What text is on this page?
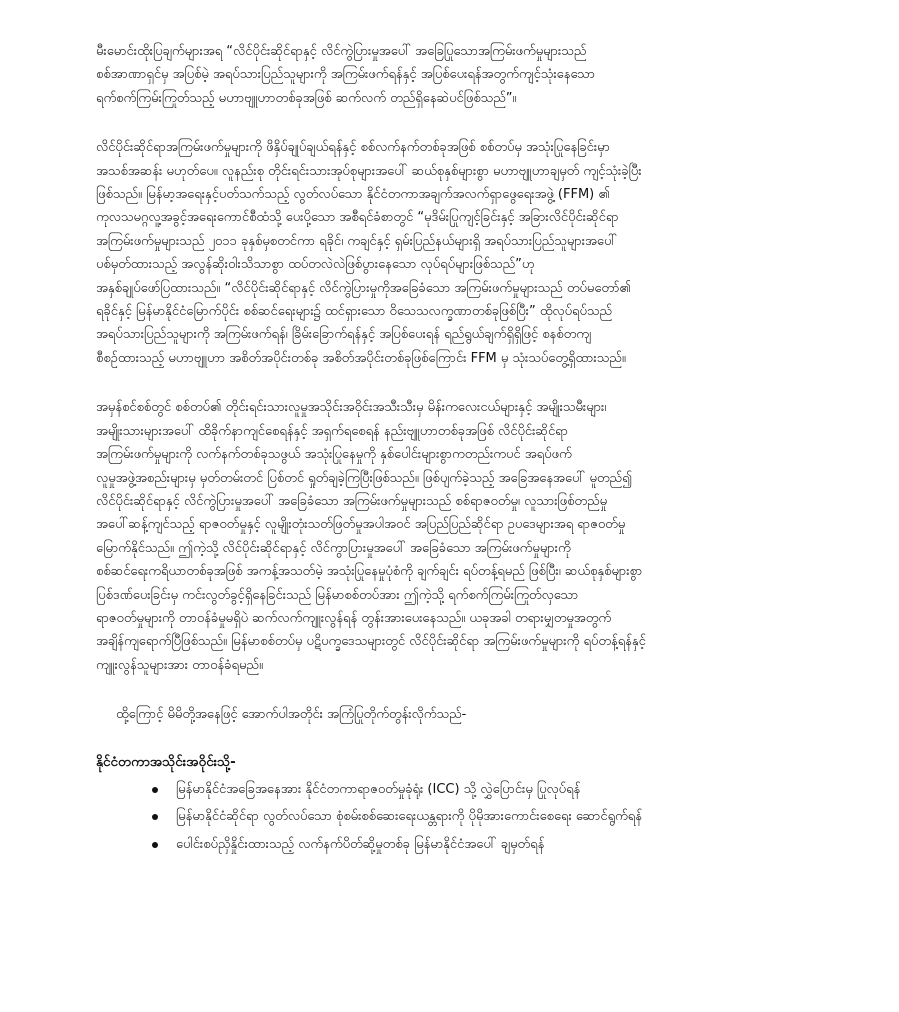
မီးမောင်းထိုးပြချက်များအရ “လိင်ပိုင်းဆိုင်ရာနှင့် လိင်ကွဲပြားမှုအပေါ် အခြေပြုသောအကြမ်းဖက်မှုများသည်
စစ်အာဏာရှင်မှ အပြစ်မဲ့ အရပ်သားပြည်သူများကို အကြမ်းဖက်ရန်နှင့် အပြစ်ပေးရန်အတွက်ကျင့်သုံးနေသော
ရက်စက်ကြမ်းကြုတ်သည့် မဟာဗျူဟာတစ်ခုအဖြစ် ဆက်လက် တည်ရှိနေဆဲပင်ဖြစ်သည်”။

လိင်ပိုင်းဆိုင်ရာအကြမ်းဖက်မှုများကို ဖိနှိပ်ချုပ်ချယ်ရန်နှင့် စစ်လက်နက်တစ်ခုအဖြစ် စစ်တပ်မှ အသုံးပြုနေခြင်းမှာ
အသစ်အဆန်း မဟုတ်ပေ။ လူနည်းစု တိုင်းရင်းသားအုပ်စုများအပေါ် ဆယ်စုနှစ်များစွာ မဟာဗျူဟာချမှတ် ကျင့်သုံးခဲ့ပြီး
ဖြစ်သည်။ မြန်မာ့အရေးနှင့်ပတ်သက်သည့် လွတ်လပ်သော နိုင်ငံတကာအချက်အလက်ရှာဖွေရေးအဖွဲ့ (FFM) ၏
ကုလသမဂ္ဂလူ့အခွင့်အရေးကောင်စီထံသို့ ပေးပို့သော အစီရင်ခံစာတွင် “မုဒိမ်းပြုကျင့်ခြင်းနှင့် အခြားလိင်ပိုင်းဆိုင်ရာ
အကြမ်းဖက်မှုများသည် ၂၀၁၁ ခုနှစ်မှစတင်ကာ ရခိုင်၊ ကချင်နှင့် ရှမ်းပြည်နယ်များရှိ အရပ်သားပြည်သူများအပေါ်
ပစ်မှတ်ထားသည့် အလွန်ဆိုးဝါးသိသာစွာ ထပ်တလဲလဲဖြစ်ပွားနေသော လုပ်ရပ်များဖြစ်သည်”ဟု
အနှစ်ချုပ်ဖော်ပြထားသည်။ “လိင်ပိုင်းဆိုင်ရာနှင့် လိင်ကွဲပြားမှုကိုအခြေခံသော အကြမ်းဖက်မှုများသည် တပ်မတော်၏
ရခိုင်နှင့် မြန်မာနိုင်ငံမြောက်ပိုင်း စစ်ဆင်ရေးများ၌ ထင်ရှားသော ဝိသေသလက္ခဏာတစ်ခုဖြစ်ပြီး” ထိုလုပ်ရပ်သည်
အရပ်သားပြည်သူများကို အကြမ်းဖက်ရန်၊ ခြိမ်းခြောက်ရန်နှင့် အပြစ်ပေးရန် ရည်ရွယ်ချက်ရှိရှိဖြင့် စနစ်တကျ
စီစဉ်ထားသည့် မဟာဗျူဟာ အစိတ်အပိုင်းတစ်ခု အစိတ်အပိုင်းတစ်ခုဖြစ်ကြောင်း FFM မှ သုံးသပ်တွေ့ရှိထားသည်။

အမှန်စင်စစ်တွင် စစ်တပ်၏ တိုင်းရင်းသားလူမှုအသိုင်းအဝိုင်းအသီးသီးမှ မိန်းကလေးငယ်များနှင့် အမျိုးသမီးများ၊
အမျိုးသားများအပေါ် ထိခိုက်နာကျင်စေရန်နှင့် အရှက်ရစေရန် နည်းဗျူဟာတစ်ခုအဖြစ် လိင်ပိုင်းဆိုင်ရာ
အကြမ်းဖက်မှုများကို လက်နက်တစ်ခုသဖွယ် အသုံးပြုနေမှုကို နှစ်ပေါင်းများစွာကတည်းကပင် အရပ်ဖက်
လူမှုအဖွဲ့အစည်းများမှ မှတ်တမ်းတင် ပြစ်တင် ရှုတ်ချခဲ့ကြပြီးဖြစ်သည်။ ဖြစ်ပျက်ခဲ့သည့် အခြေအနေအပေါ် မူတည်၍
လိင်ပိုင်းဆိုင်ရာနှင့် လိင်ကွဲပြားမှုအပေါ် အခြေခံသော အကြမ်းဖက်မှုများသည် စစ်ရာဇဝတ်မှု၊ လူသားဖြစ်တည်မှု
အပေါ်ဆန့်ကျင်သည့် ရာဇဝတ်မှုနှင့် လူမျိုးတုံးသတ်ဖြတ်မှုအပါအဝင် အပြည်ပြည်ဆိုင်ရာ ဥပဒေများအရ ရာဇဝတ်မှု
မြောက်နိုင်သည်။ ဤကဲ့သို့ လိင်ပိုင်းဆိုင်ရာနှင့် လိင်ကွာပြားမှုအပေါ် အခြေခံသော အကြမ်းဖက်မှုများကို
စစ်ဆင်ရေးကရိယာတစ်ခုအဖြစ် အကန့်အသတ်မဲ့ အသုံးပြုနေမှုပုံစံကို ချက်ချင်း ရပ်တန့်ရမည် ဖြစ်ပြီး၊ ဆယ်စုနှစ်များစွာ
ပြစ်ဒဏ်ပေးခြင်းမှ ကင်းလွတ်ခွင့်ရှိနေခြင်းသည် မြန်မာစစ်တပ်အား ဤကဲ့သို့ ရက်စက်ကြမ်းကြုတ်လှသော
ရာဇဝတ်မှုများကို တာဝန်ခံမှုမရှိပဲ ဆက်လက်ကျူးလွန်ရန် တွန်းအားပေးနေသည်။ ယခုအခါ တရားမျှတမှုအတွက်
အချိန်ကျရောက်ပြီဖြစ်သည်။ မြန်မာစစ်တပ်မှ ပဋိပက္ခဒေသများတွင် လိင်ပိုင်းဆိုင်ရာ အကြမ်းဖက်မှုများကို ရပ်တန့်ရန်နှင့်
ကျူးလွန်သူများအား တာဝန်ခံရမည်။

ထို့ကြောင့် မိမိတို့အနေဖြင့် အောက်ပါအတိုင်း အကြံပြုတိုက်တွန်းလိုက်သည်-

နိုင်ငံတကာအသိုင်းအဝိုင်းသို့-
မြန်မာနိုင်ငံအခြေအနေအား နိုင်ငံတကာရာဇဝတ်မှုခုံရုံး (ICC) သို့ လွှဲပြောင်းမှ ပြုလုပ်ရန်
မြန်မာနိုင်ငံဆိုင်ရာ လွတ်လပ်သော စုံစမ်းစစ်ဆေးရေးယန္တရားကို ပိုမိုအားကောင်းစေရေး ဆောင်ရွက်ရန်
ပေါင်းစပ်ညှိနှိုင်းထားသည့် လက်နက်ပိတ်ဆို့မှုတစ်ခု မြန်မာနိုင်ငံအပေါ် ချမှတ်ရန်
